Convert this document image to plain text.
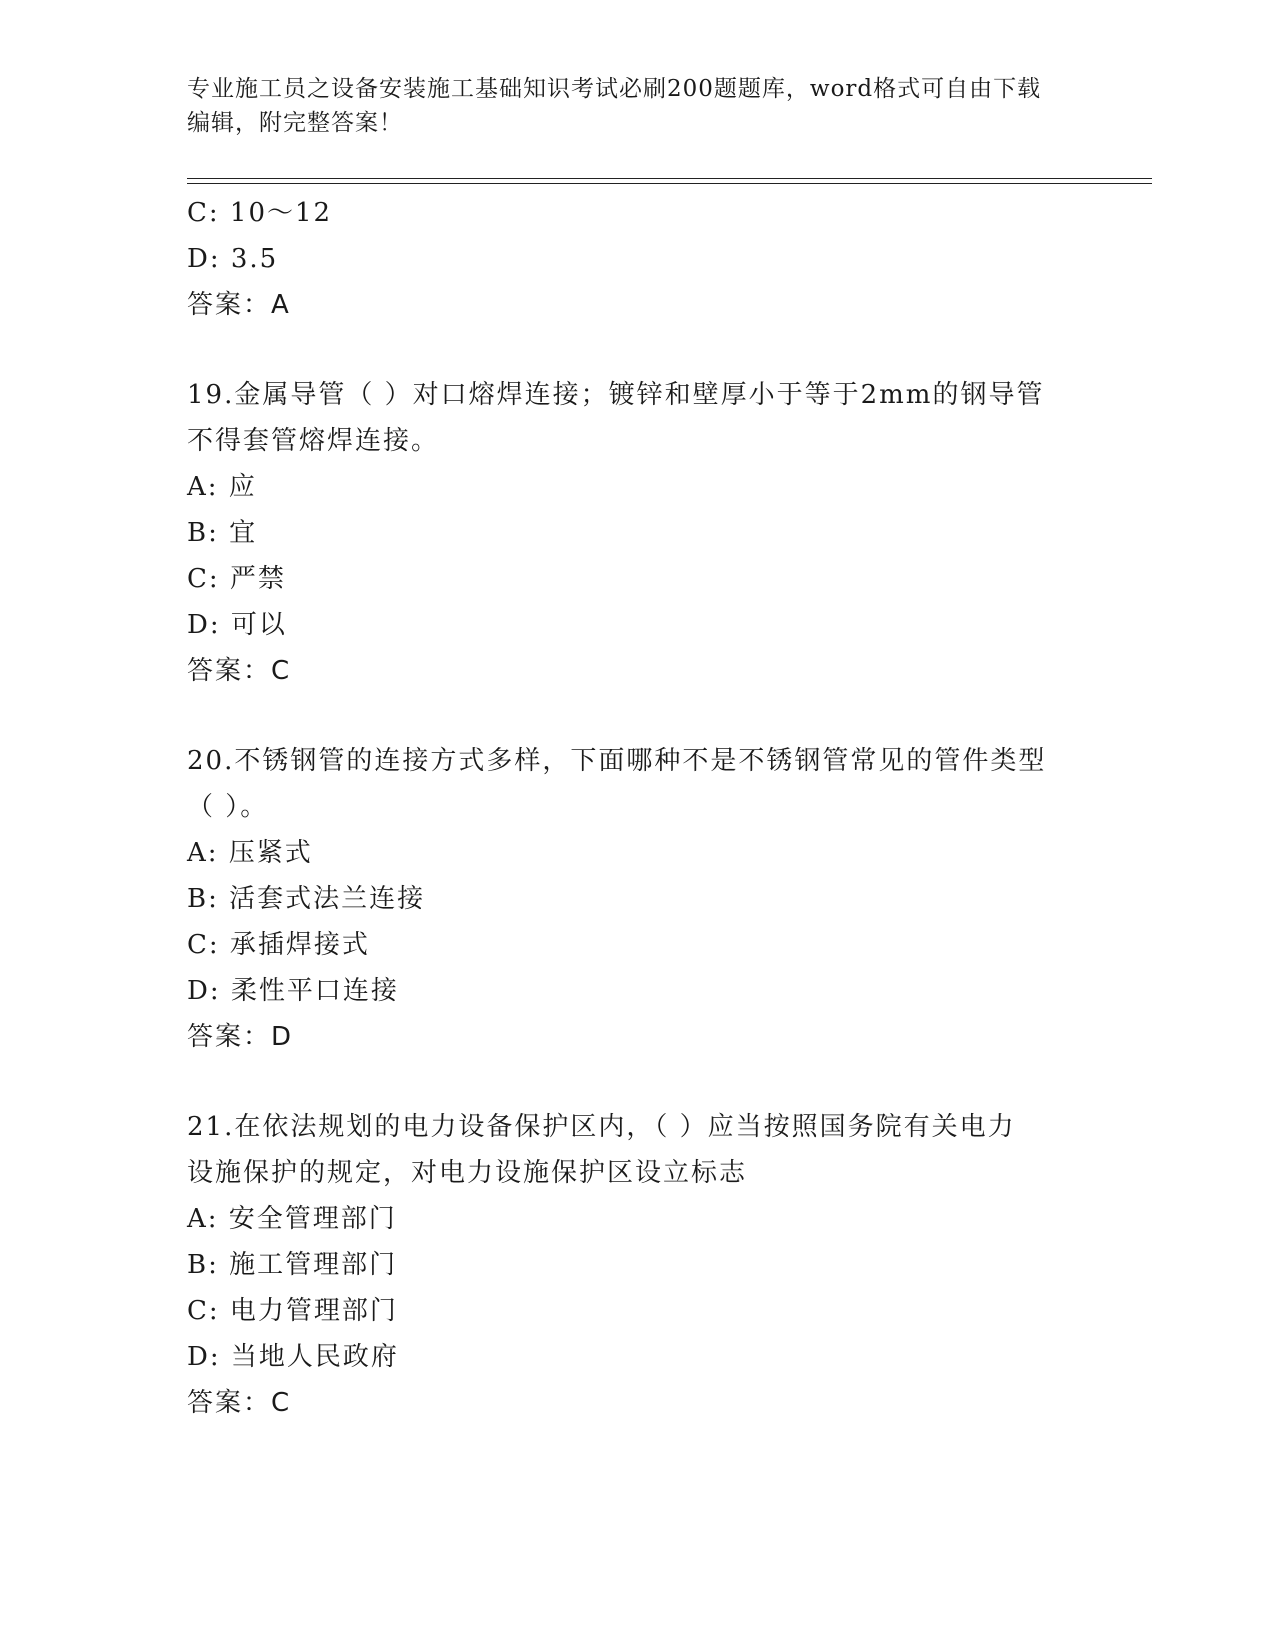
专业施工员之设备安装施工基础知识考试必刷200题题库，word格式可自由下载
编辑，附完整答案！
C: 10～12
D: 3.5
答案：A
19.金属导管（ ）对口熔焊连接；镀锌和壁厚小于等于2mm的钢导管
不得套管熔焊连接。
A: 应
B: 宜
C: 严禁
D: 可以
答案：C
20.不锈钢管的连接方式多样，下面哪种不是不锈钢管常见的管件类型
（ ）。
A: 压紧式
B: 活套式法兰连接
C: 承插焊接式
D: 柔性平口连接
答案：D
21.在依法规划的电力设备保护区内，（ ）应当按照国务院有关电力
设施保护的规定，对电力设施保护区设立标志
A: 安全管理部门
B: 施工管理部门
C: 电力管理部门
D: 当地人民政府
答案：C
